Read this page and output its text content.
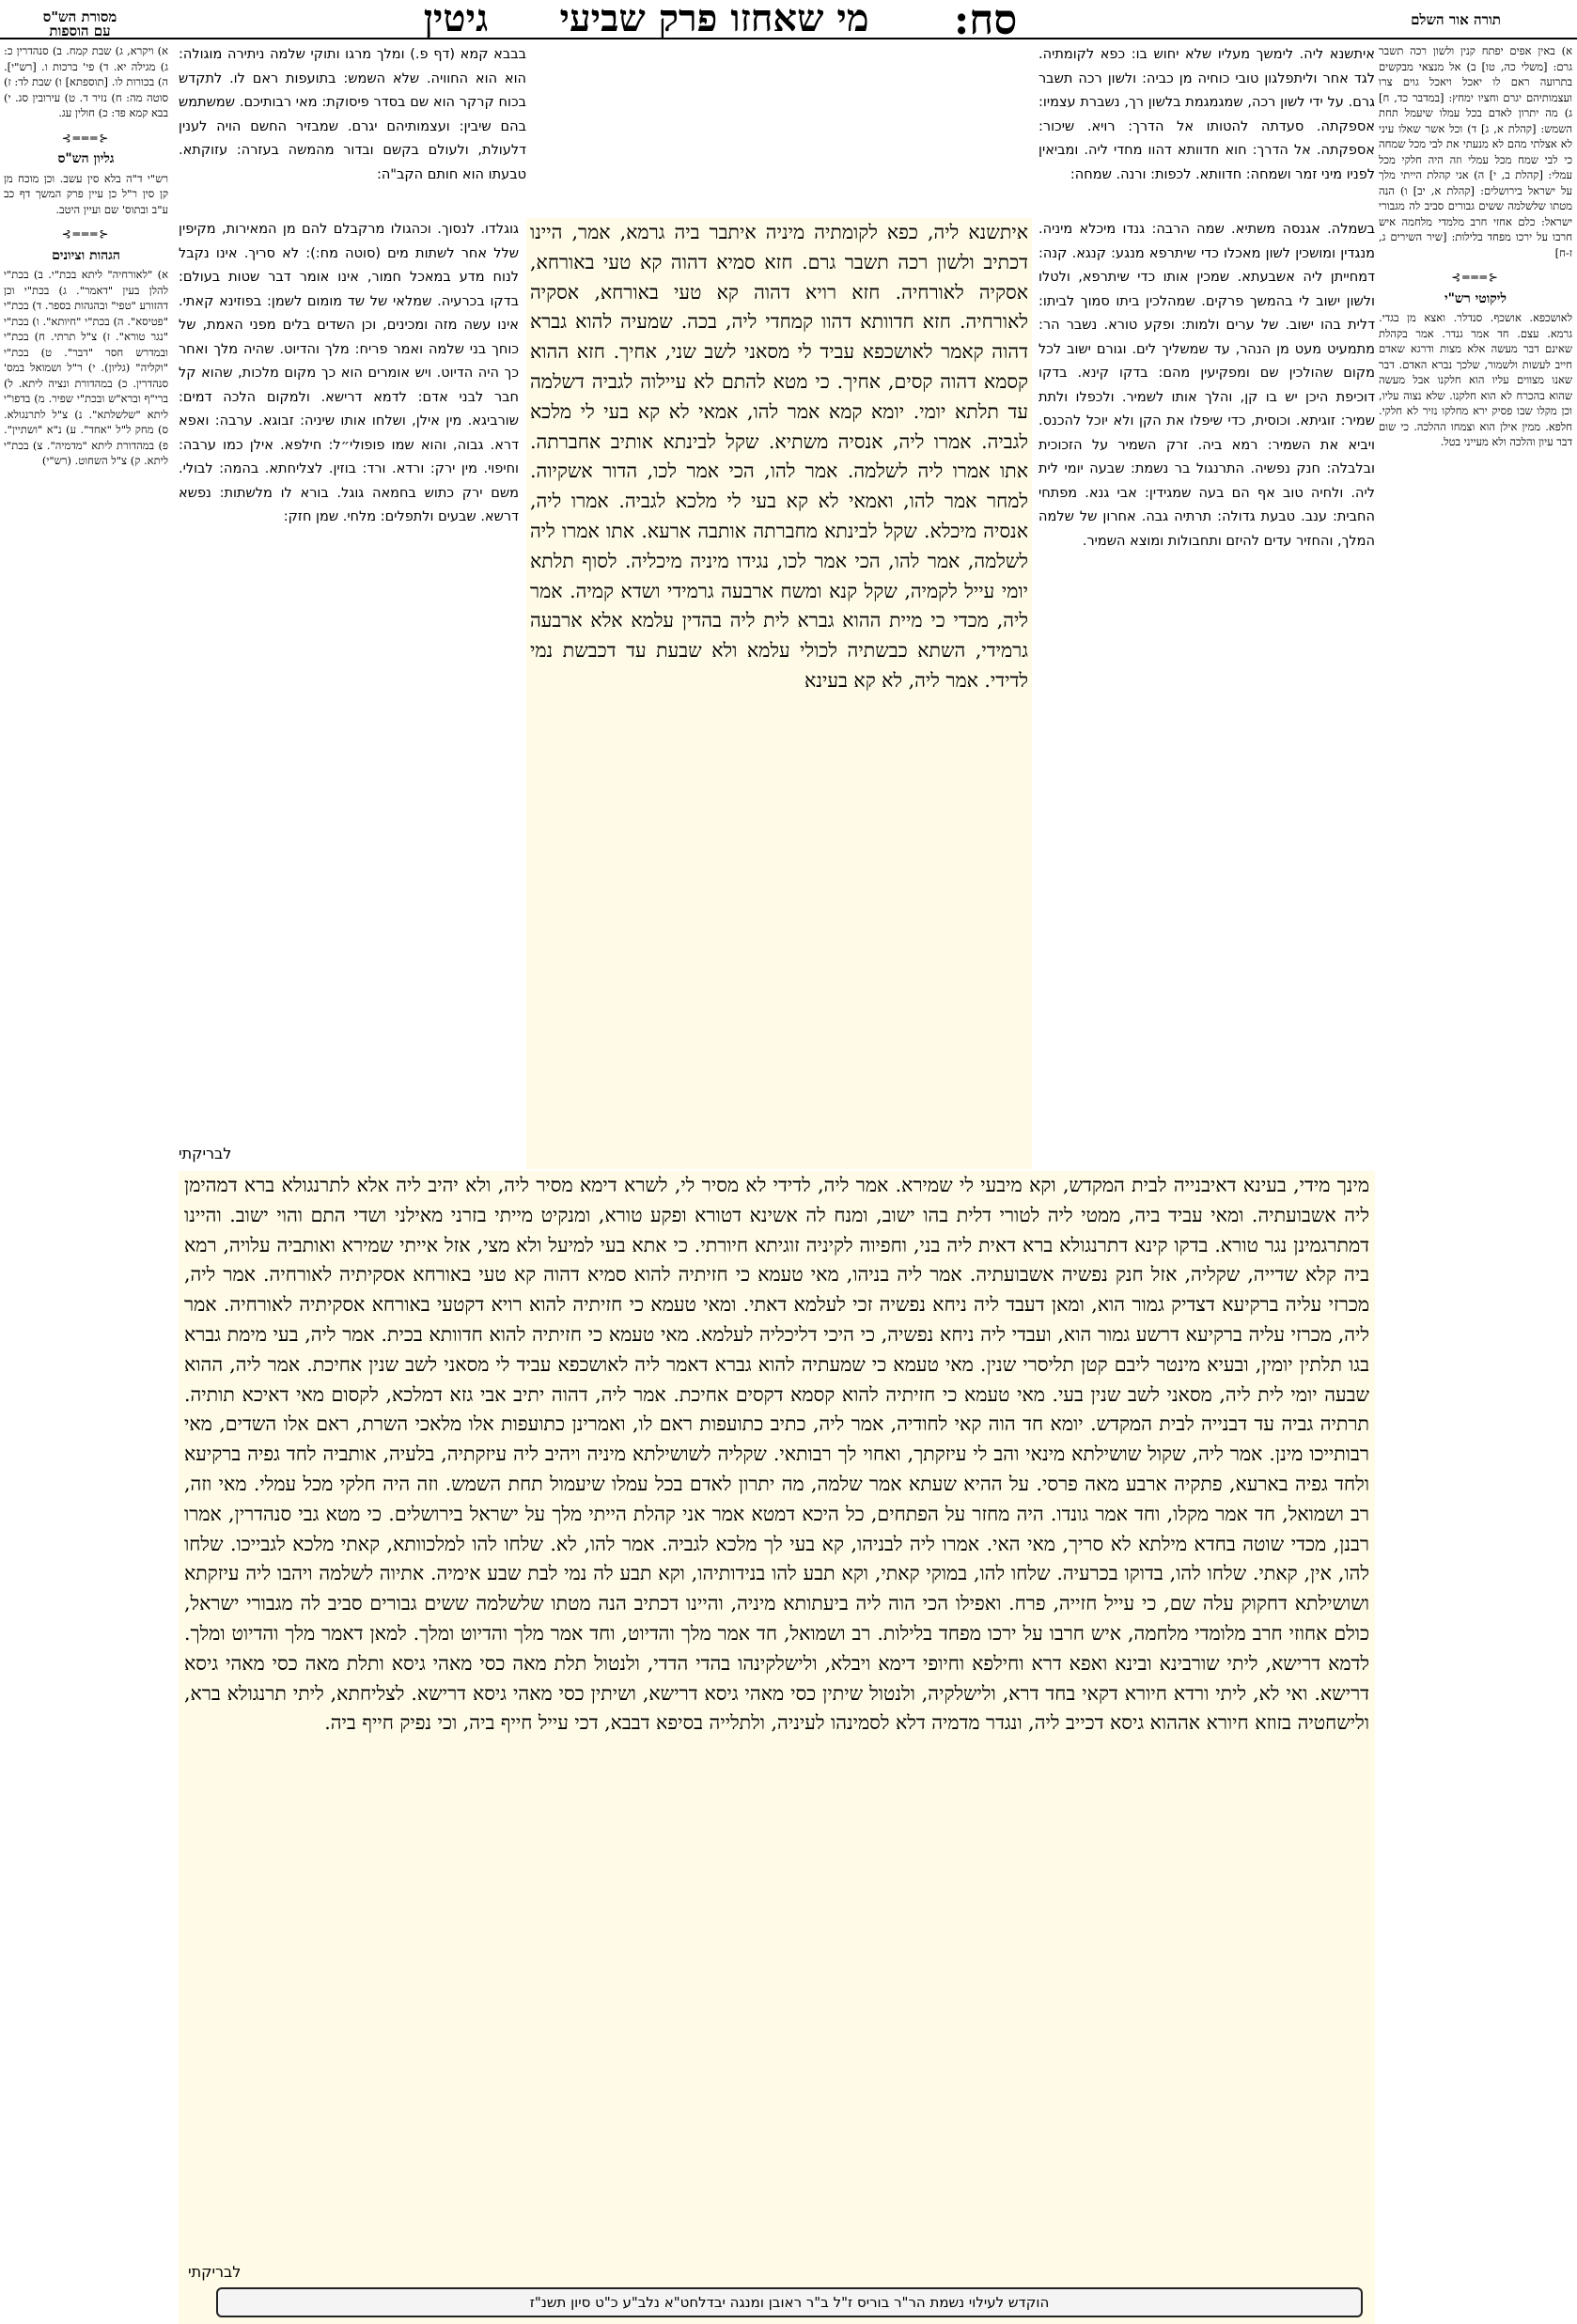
מסורת הש"ס
עם הוספות	גיטין	מי שאחזו פרק שביעי	סח:	תורה אור השלם
א) באין אפים יפתח קנין ולשון רכה תשבר גרם: [משלי כה, טו] ב) אל מנצאי מבקשים בתרועה ראם לו יאכל ויאכל גוים צרו ועצמותיהם יגרם וחציו ימחץ: [במדבר כד, ח] ג) מה יתרון לאדם בכל עמלו שיעמל תחת השמש: [קהלת א, ג] ד) וכל אשר שאלו עיני לא אצלתי מהם לא מנעתי את לבי מכל שמחה כי לבי שמח מכל עמלי וזה היה חלקי מכל עמלי: [קהלת ב, י] ה) אני קהלת הייתי מלך על ישראל בירושלים: [קהלת א, יב] ו) הנה מטתו שלשלמה ששים גבורים סביב לה מגבורי ישראל: כלם אחזי חרב מלמדי מלחמה איש חרבו על ירכו מפחד בלילות: [שיר השירים ג, ז-ח]
⊰═══⊱
ליקוטי רש"י
לאושכפא. אושכף. סנדלר. ואצא מן בגדי. גרמא. עצם. חד אמר גנדר. אמר בקהלת שאינם דבר מעשה אלא מצות ודרגא שאדם חייב לעשות ולשמור, שלכך נברא האדם. דבר שאנו מצווים עליו הוא חלקנו אבל מעשה שהוא בהכרח לא הוא חלקנו. שלא נצוה עליו, וכן מקלו שבו פסיק ירא מחלקו נזיר לא חלקי. חלפא. ממין אילן הוא וצמחו ההלכה. כי שום דבר עיון והלכה ולא מעייני בטל.
א) ויקרא, ג) שבת קמח. ב) סנהדרין כ: ג) מגילה יא. ד) פי' ברכות ו. [רש"י]. ה) בכורות לו. [תוספתא] ו) שבת לד: ז) סוטה מה: ח) נזיר ד. ט) עירובין סג. י) בבא קמא פד: כ) חולין עג.
⊰═══⊱
גליון הש"ס
רש"י ד"ה בלא סין עשב. וכן מוכח מן קן סין ר"ל כן עיין פרק המשך דף כב ע"ב ובתוס' שם ועיין היטב.
⊰═══⊱
הגהות וציונים
א) "לאורחיה" ליתא בכת"י. ב) בכת"י להלן בעין "דאמר". ג) בכת"י וכן דהזורע "טפי" ובהגהות בספר. ד) בכת"י "פטיסא". ה) בכת"י "חיותא". ו) בכת"י "נגר טורא". ז) צ"ל תרתי. ח) בכת"י ובמדרש חסר "דבר". ט) בכת"י "וקליה" (גליון). י) ר"ל ושמואל במס' סנהדרין. כ) במהדורת ונציה ליתא. ל) ברי"ף וברא"ש ובכת"י שפיר. מ) בדפו"י ליתא "שלשלתא". נ) צ"ל לתרנגולא. ס) מחק ל"ל "אחד". ע) נ"א "ושתיין". פ) במהדורת ליתא "מדמיה". צ) בכת"י ליתא. ק) צ"ל השחוט. (רש"י)
איתשנא ליה. לימשך מעליו שלא יחוש בו: כפא לקומתיה. לגד אחר וליתפלגון טובי כוחיה מן כביה: ולשון רכה תשבר גרם. על ידי לשון רכה, שמגמגמת בלשון רך, נשברת עצמיו: אספקתה. סעדתה להטותו אל הדרך: רויא. שיכור: אספקתה. אל הדרך: חוא חדוותא דהוו מחדי ליה. ומביאין לפניו מיני זמר ושמחה: חדוותא. לכפות: ורנה. שמחה:
בשמלה. אגנסה משתיא. שמה הרבה: גנדו מיכלא מיניה. מנגדין ומושכין לשון מאכלו כדי שיתרפא מנגע: קנגא. קנה: דמחייתן ליה אשבעתא. שמכין אותו כדי שיתרפא, ולטלו ולשון ישוב לי בהמשך פרקים. שמהלכין ביתו סמוך לביתו: דלית בהו ישוב. של ערים ולמות: ופקע טורא. נשבר הר: מתמעיט מעט מן הנהר, עד שמשליך לים. וגורם ישוב לכל מקום שהולכין שם ומפקיעין מהם: בדקו קינא. בדקו דוכיפת היכן יש בו קן, והלך אותו לשמיר. ולכפלו ולתת שמיר: זוגיתא. וכוסית, כדי שיפלו את הקן ולא יוכל להכנס. ויביא את השמיר: רמא ביה. זרק השמיר על הזכוכית ובלבלה: חנק נפשיה. התרנגול בר נשמת: שבעה יומי לית ליה. ולחיה טוב אף הם בעה שמגידין: אבי גנא. מפתחי החבית: ענב. טבעת גדולה: תרתיה גבה. אחרון של שלמה המלך, והחזיר עדים להיזם ותחבולות ומוצא השמיר.
בבבא קמא (דף פ.) ומלך מרגו ותוקי שלמה ניתירה מוגולה: הוא הוא החוויה. שלא השמש: בתועפות ראם לו. לתקדש בכוח קרקר הוא שם בסדר פיסוקת: מאי רבותיכם. שמשתמש בהם שיבין: ועצמותיהם יגרם. שמבזיר החשם הויה לענין דלעולת, ולעולם בקשם ובדור מהמשה בעזרה: עזוקתא. טבעתו הוא חותם הקב"ה:
גוגלדו. לנסוך. וכהגולו מרקבלם להם מן המאירות, מקיפין שלל אחר לשתות מים (סוטה מח:): לא סריך. אינו נקבל לנוח מדע במאכל חמור, אינו אומר דבר שטות בעולם: בדקו בכרעיה. שמלאי של שד מומום לשמן: בפוזינא קאתי. אינו עשה מזה ומכינים, וכן השדים בלים מפני האמת, של כוחך בני שלמה ואמר פריח: מלך והדיוט. שהיה מלך ואחר כך היה הדיוט. ויש אומרים הוא כך מקום מלכות, שהוא קל חבר לבני אדם: לדמא דרישא. ולמקום הלכה דמים: שורביגא. מין אילן, ושלחו אותו שיניה: זבוגא. ערבה: ואפא דרא. גבוה, והוא שמו פופולי״ל: חילפא. אילן כמו ערבה: וחיפוי. מין ירק: ורדא. ורד: בוזין. לצליחתא. בהמה: לבולי. משם ירק כתוש בחמאה גוגל. בורא לו מלשתות: נפשא דרשא. שבעים ולתפלים: מלחי. שמן חזק:
איתשנא ליה, כפא לקומתיה מיניה איתבר ביה גרמא, אמר, היינו דכתיב ולשון רכה תשבר גרם. חזא סמיא דהוה קא טעי באורחא, אסקיה לאורחיה. חזא רויא דהוה קא טעי באורחא, אסקיה לאורחיה. חזא חדוותא דהוו קמחדי ליה, בכה. שמעיה להוא גברא דהוה קאמר לאושכפא עביד לי מסאני לשב שני, אחיך. חזא ההוא קסמא דהוה קסים, אחיך. כי מטא להתם לא עיילוה לגביה דשלמה עד תלתא יומי. יומא קמא אמר להו, אמאי לא קא בעי לי מלכא לגביה. אמרו ליה, אנסיה משתיא. שקל לבינתא אותיב אחברתה. אתו אמרו ליה לשלמה. אמר להו, הכי אמר לכו, הדור אשקיוה. למחר אמר להו, ואמאי לא קא בעי לי מלכא לגביה. אמרו ליה, אנסיה מיכלא. שקל לבינתא מחברתה אותבה ארעא. אתו אמרו ליה לשלמה, אמר להו, הכי אמר לכו, נגידו מיניה מיכליה. לסוף תלתא יומי עייל לקמיה, שקל קנא ומשח ארבעה גרמידי ושדא קמיה. אמר ליה, מכדי כי מיית ההוא גברא לית ליה בהדין עלמא אלא ארבעה גרמידי, השתא כבשתיה לכולי עלמא ולא שבעת עד דכבשת נמי לדידי. אמר ליה, לא קא בעינא
לבריקתי
מינך מידי, בעינא דאיבנייה לבית המקדש, וקא מיבעי לי שמירא. אמר ליה, לדידי לא מסיר לי, לשרא דימא מסיר ליה, ולא יהיב ליה אלא לתרנגולא ברא דמהימן ליה אשבועתיה. ומאי עביד ביה, ממטי ליה לטורי דלית בהו ישוב, ומנח לה אשינא דטורא ופקע טורא, ומנקיט מייתי בזרני מאילני ושדי התם והוי ישוב. והיינו דמתרגמינן נגר טורא. בדקו קינא דתרנגולא ברא דאית ליה בני, וחפיוה לקיניה זוגיתא חיורתי. כי אתא בעי למיעל ולא מצי, אזל אייתי שמירא ואותביה עלויה, רמא ביה קלא שדייה, שקליה, אזל חנק נפשיה אשבועתיה. אמר ליה בניהו, מאי טעמא כי חזיתיה להוא סמיא דהוה קא טעי באורחא אסקיתיה לאורחיה. אמר ליה, מכרזי עליה ברקיעא דצדיק גמור הוא, ומאן דעבד ליה ניחא נפשיה זכי לעלמא דאתי. ומאי טעמא כי חזיתיה להוא רויא דקטעי באורחא אסקיתיה לאורחיה. אמר ליה, מכרזי עליה ברקיעא דרשע גמור הוא, ועבדי ליה ניחא נפשיה, כי היכי דליכליה לעלמא. מאי טעמא כי חזיתיה להוא חדוותא בכית. אמר ליה, בעי מימת גברא בגו תלתין יומין, ובעיא מינטר ליבם קטן תליסרי שנין. מאי טעמא כי שמעתיה להוא גברא דאמר ליה לאושכפא עביד לי מסאני לשב שנין אחיכת. אמר ליה, ההוא שבעה יומי לית ליה, מסאני לשב שנין בעי. מאי טעמא כי חזיתיה להוא קסמא דקסים אחיכת. אמר ליה, דהוה יתיב אבי גזא דמלכא, לקסום מאי דאיכא תותיה. תרתיה גביה עד דבנייה לבית המקדש. יומא חד הוה קאי לחודיה, אמר ליה, כתיב כתועפות ראם לו, ואמרינן כתועפות אלו מלאכי השרת, ראם אלו השדים, מאי רבותייכו מינן. אמר ליה, שקול שושילתא מינאי והב לי עיזקתך, ואחוי לך רבותאי. שקליה לשושילתא מיניה ויהיב ליה עיזקתיה, בלעיה, אותביה לחד גפיה ברקיעא ולחד גפיה בארעא, פתקיה ארבע מאה פרסי. על ההיא שעתא אמר שלמה, מה יתרון לאדם בכל עמלו שיעמול תחת השמש. וזה היה חלקי מכל עמלי. מאי וזה, רב ושמואל, חד אמר מקלו, וחד אמר גונדו. היה מחזר על הפתחים, כל היכא דמטא אמר אני קהלת הייתי מלך על ישראל בירושלים. כי מטא גבי סנהדרין, אמרו רבנן, מכדי שוטה בחדא מילתא לא סריך, מאי האי. אמרו ליה לבניהו, קא בעי לך מלכא לגביה. אמר להו, לא. שלחו להו למלכוותא, קאתי מלכא לגבייכו. שלחו להו, אין, קאתי. שלחו להו, בדוקו בכרעיה. שלחו להו, במוקי קאתי, וקא תבע להו בנידותיהו, וקא תבע לה נמי לבת שבע אימיה. אתיוה לשלמה ויהבו ליה עיזקתא ושושילתא דחקוק עלה שם, כי עייל חזייה, פרח. ואפילו הכי הוה ליה ביעתותא מיניה, והיינו דכתיב הנה מטתו שלשלמה ששים גבורים סביב לה מגבורי ישראל, כולם אחוזי חרב מלומדי מלחמה, איש חרבו על ירכו מפחד בלילות. רב ושמואל, חד אמר מלך והדיוט, וחד אמר מלך והדיוט ומלך. למאן דאמר מלך והדיוט ומלך. לדמא דרישא, ליתי שורבינא ובינא ואפא דרא וחילפא וחיופי דימא ויבלא, ולישלקינהו בהדי הדדי, ולנטול תלת מאה כסי מאהי גיסא ותלת מאה כסי מאהי גיסא דרישא. ואי לא, ליתי ורדא חיורא דקאי בחד דרא, ולישלקיה, ולנטול שיתין כסי מאהי גיסא דרישא, ושיתין כסי מאהי גיסא דרישא. לצליחתא, ליתי תרנגולא ברא, ולישחטיה בזוזא חיורא אההוא גיסא דכייב ליה, ונגדר מדמיה דלא לסמינהו לעיניה, ולתלייה בסיפא דבבא, דכי עייל חייף ביה, וכי נפיק חייף ביה.
לבריקתי
הוקדש לעילוי נשמת הר"ר בוריס ז"ל ב"ר ראובן ומנגה יבדלחט"א נלב"ע כ"ט סיון תשנ"ז
